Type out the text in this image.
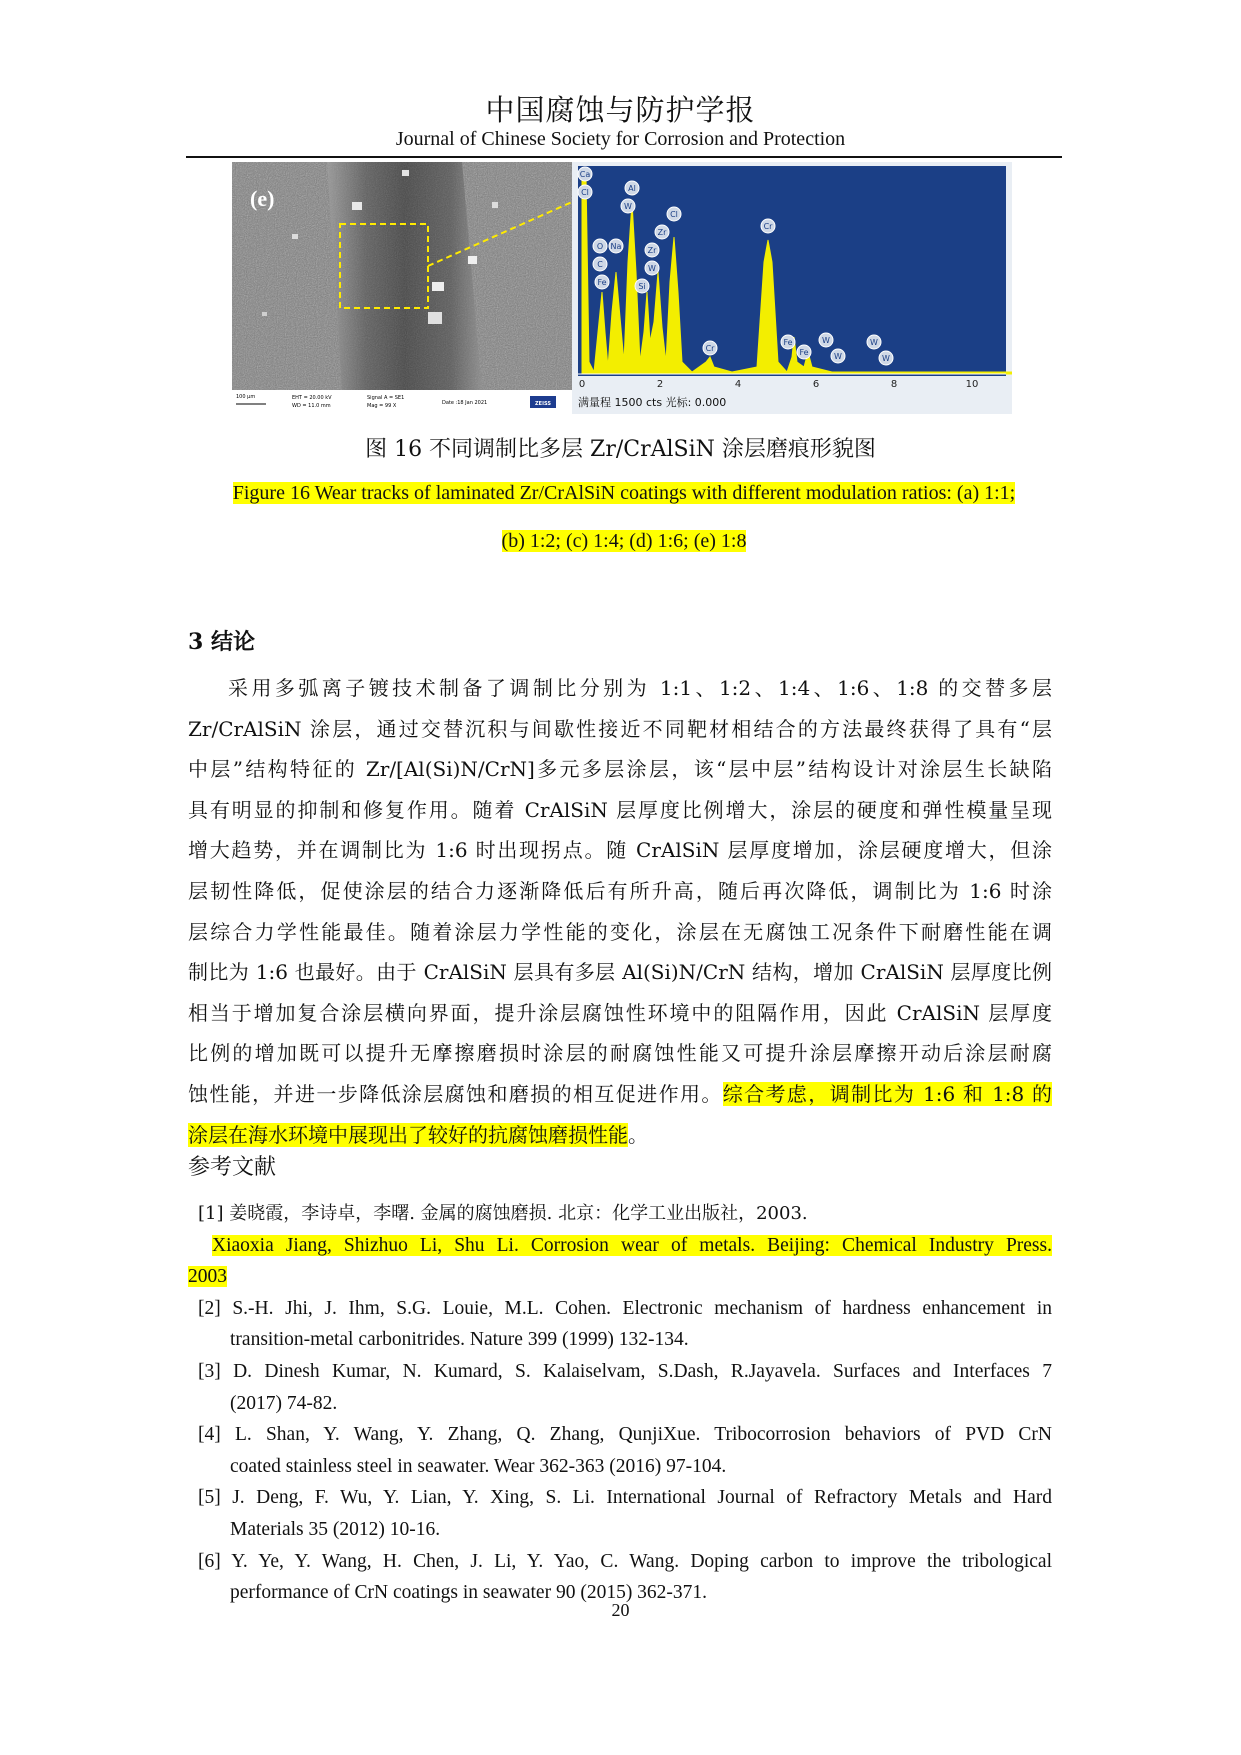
中国腐蚀与防护学报
Journal of Chinese Society for Corrosion and Protection
(e)
100 μm	EHT = 20.00 kV
WD = 11.0 mm
Signal A = SE1
Mag = 99 X	Date :18 Jan 2021	ZEISS
Ca
Cl	Al
W
O Na
C
Fe
Zr
Si
W
Cl
Zr
Cr
Cr
Fe
Fe
W
W
W
W
0	2	4	6	8	10
满量程 1500 cts 光标: 0.000
图 16 不同调制比多层 Zr/CrAlSiN 涂层磨痕形貌图
Figure 16 Wear tracks of laminated Zr/CrAlSiN coatings with different modulation ratios: (a) 1:1;
(b) 1:2; (c) 1:4; (d) 1:6; (e) 1:8
3 结论
采用多弧离子镀技术制备了调制比分别为 1:1、1:2、1:4、1:6、1:8 的交替多层
Zr/CrAlSiN 涂层，通过交替沉积与间歇性接近不同靶材相结合的方法最终获得了具有“层
中层”结构特征的 Zr/[Al(Si)N/CrN]多元多层涂层，该“层中层”结构设计对涂层生长缺陷
具有明显的抑制和修复作用。随着 CrAlSiN 层厚度比例增大，涂层的硬度和弹性模量呈现
增大趋势，并在调制比为 1:6 时出现拐点。随 CrAlSiN 层厚度增加，涂层硬度增大，但涂
层韧性降低，促使涂层的结合力逐渐降低后有所升高，随后再次降低，调制比为 1:6 时涂
层综合力学性能最佳。随着涂层力学性能的变化，涂层在无腐蚀工况条件下耐磨性能在调
制比为 1:6 也最好。由于 CrAlSiN 层具有多层 Al(Si)N/CrN 结构，增加 CrAlSiN 层厚度比例
相当于增加复合涂层横向界面，提升涂层腐蚀性环境中的阻隔作用，因此 CrAlSiN 层厚度
比例的增加既可以提升无摩擦磨损时涂层的耐腐蚀性能又可提升涂层摩擦开动后涂层耐腐
蚀性能，并进一步降低涂层腐蚀和磨损的相互促进作用。综合考虑，调制比为 1:6 和 1:8 的
涂层在海水环境中展现出了较好的抗腐蚀磨损性能。
参考文献
[1] 姜晓霞，李诗卓，李曙. 金属的腐蚀磨损. 北京：化学工业出版社，2003.
Xiaoxia Jiang, Shizhuo Li, Shu Li. Corrosion wear of metals. Beijing: Chemical Industry Press.
2003
[2] S.-H. Jhi, J. Ihm, S.G. Louie, M.L. Cohen. Electronic mechanism of hardness enhancement in
transition-metal carbonitrides. Nature 399 (1999) 132-134.
[3] D. Dinesh Kumar, N. Kumard, S. Kalaiselvam, S.Dash, R.Jayavela. Surfaces and Interfaces 7
(2017) 74-82.
[4] L. Shan, Y. Wang, Y. Zhang, Q. Zhang, QunjiXue. Tribocorrosion behaviors of PVD CrN
coated stainless steel in seawater. Wear 362-363 (2016) 97-104.
[5] J. Deng, F. Wu, Y. Lian, Y. Xing, S. Li. International Journal of Refractory Metals and Hard
Materials 35 (2012) 10-16.
[6] Y. Ye, Y. Wang, H. Chen, J. Li, Y. Yao, C. Wang. Doping carbon to improve the tribological
performance of CrN coatings in seawater 90 (2015) 362-371.
20
